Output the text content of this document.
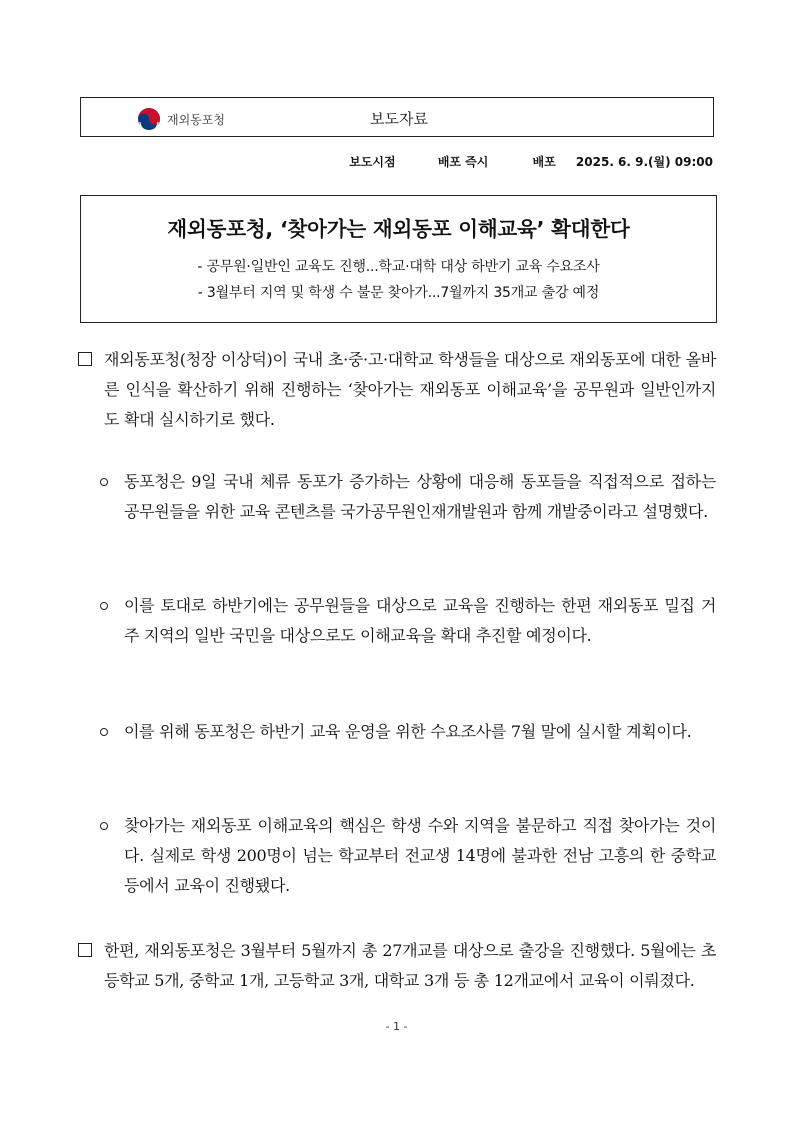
재외동포청	보도자료
보도시점	배포 즉시	배포 2025. 6. 9.(월) 09:00
재외동포청, ‘찾아가는 재외동포 이해교육’ 확대한다
- 공무원·일반인 교육도 진행...학교·대학 대상 하반기 교육 수요조사
- 3월부터 지역 및 학생 수 불문 찾아가...7월까지 35개교 출강 예정
재외동포청(청장 이상덕)이 국내 초·중·고·대학교 학생들을 대상으로 재외동포에 대한 올바른 인식을 확산하기 위해 진행하는 ‘찾아가는 재외동포 이해교육’을 공무원과 일반인까지도 확대 실시하기로 했다.
동포청은 9일 국내 체류 동포가 증가하는 상황에 대응해 동포들을 직접적으로 접하는 공무원들을 위한 교육 콘텐츠를 국가공무원인재개발원과 함께 개발중이라고 설명했다.
이를 토대로 하반기에는 공무원들을 대상으로 교육을 진행하는 한편 재외동포 밀집 거주 지역의 일반 국민을 대상으로도 이해교육을 확대 추진할 예정이다.
이를 위해 동포청은 하반기 교육 운영을 위한 수요조사를 7월 말에 실시할 계획이다.
찾아가는 재외동포 이해교육의 핵심은 학생 수와 지역을 불문하고 직접 찾아가는 것이다. 실제로 학생 200명이 넘는 학교부터 전교생 14명에 불과한 전남 고흥의 한 중학교 등에서 교육이 진행됐다.
한편, 재외동포청은 3월부터 5월까지 총 27개교를 대상으로 출강을 진행했다. 5월에는 초등학교 5개, 중학교 1개, 고등학교 3개, 대학교 3개 등 총 12개교에서 교육이 이뤄졌다.
- 1 -
